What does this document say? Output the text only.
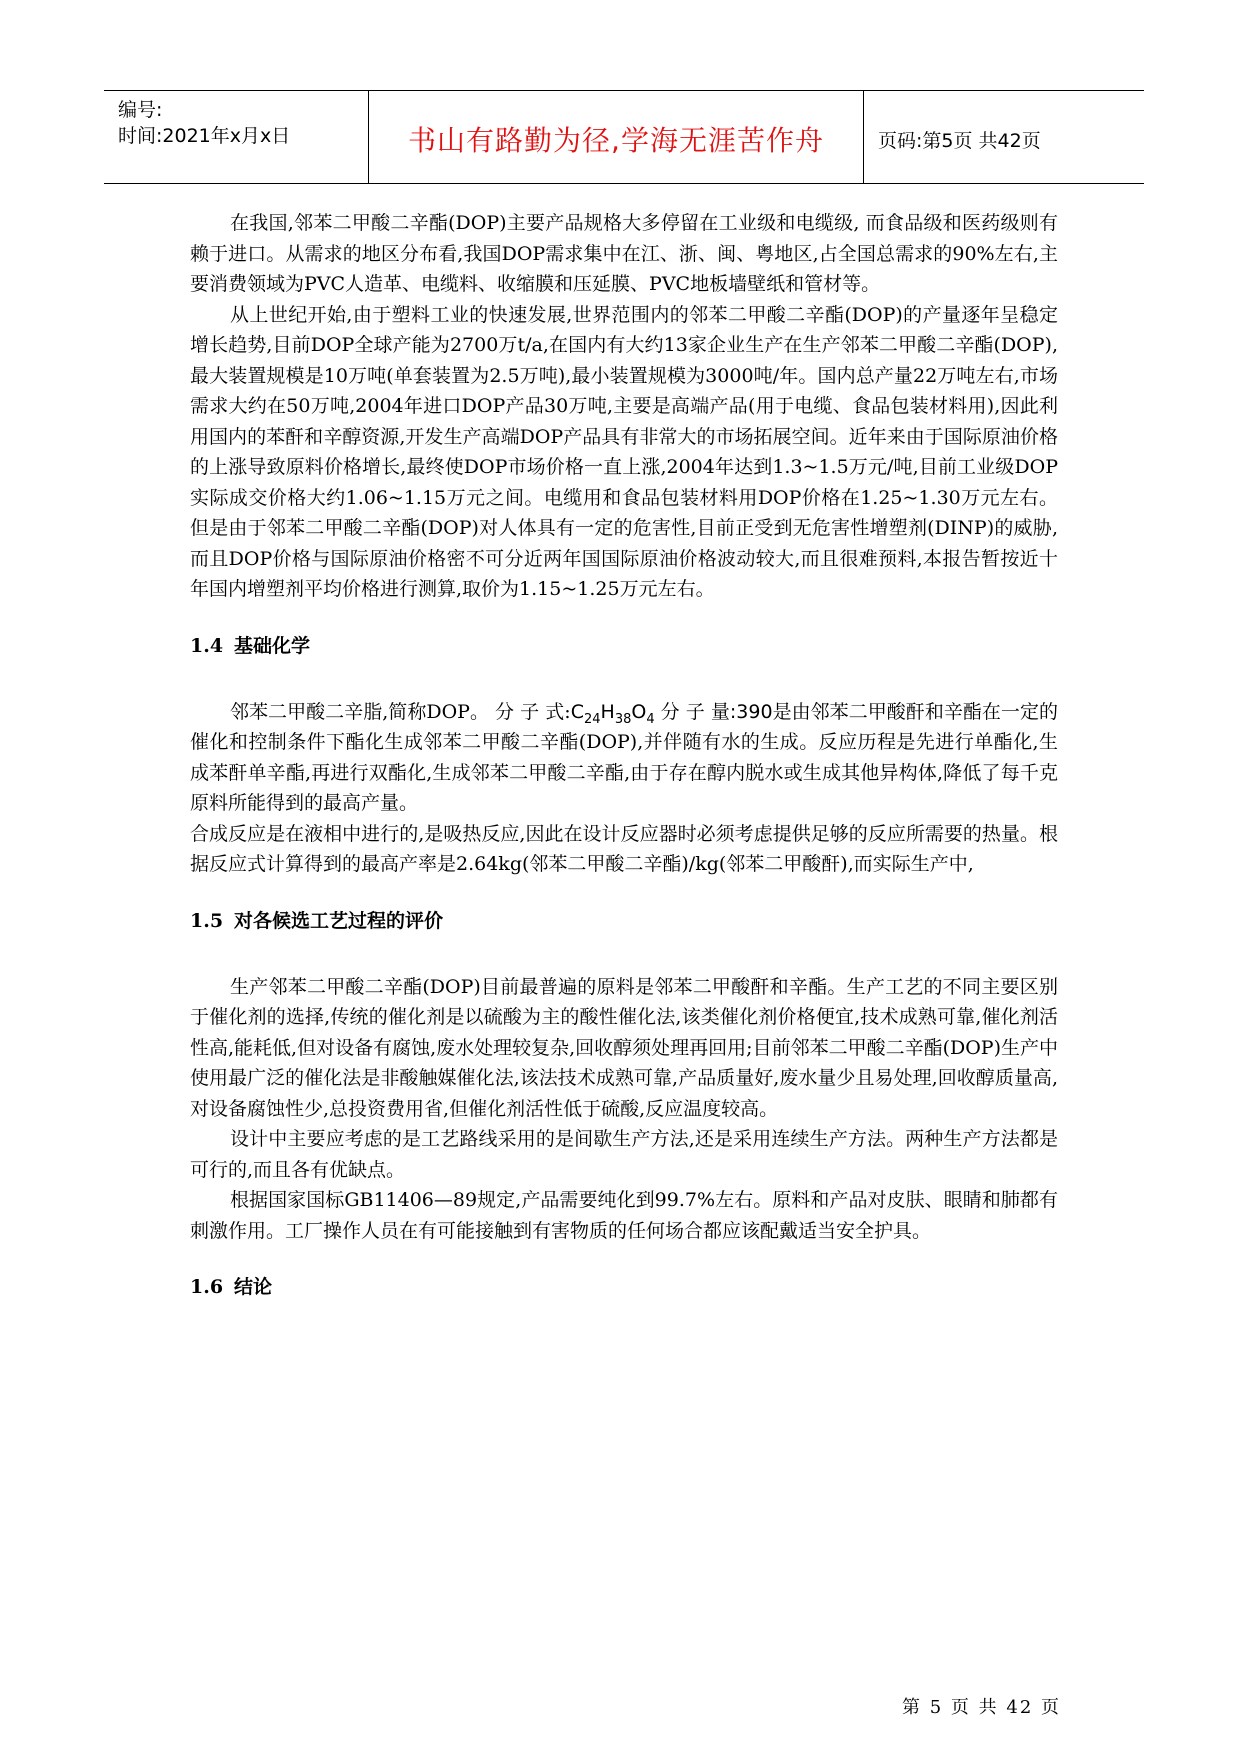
编号:
时间:2021年x月x日	书山有路勤为径,学海无涯苦作舟	页码:第5页 共42页

在我国,邻苯二甲酸二辛酯(DOP)主要产品规格大多停留在工业级和电缆级, 而食品级和医药级则有赖于进口。从需求的地区分布看,我国DOP需求集中在江、浙、闽、粤地区,占全国总需求的90%左右,主要消费领域为PVC人造革、电缆料、收缩膜和压延膜、PVC地板墙壁纸和管材等。

从上世纪开始,由于塑料工业的快速发展,世界范围内的邻苯二甲酸二辛酯(DOP)的产量逐年呈稳定增长趋势,目前DOP全球产能为2700万t/a,在国内有大约13家企业生产在生产邻苯二甲酸二辛酯(DOP),最大装置规模是10万吨(单套装置为2.5万吨),最小装置规模为3000吨/年。国内总产量22万吨左右,市场需求大约在50万吨,2004年进口DOP产品30万吨,主要是高端产品(用于电缆、食品包装材料用),因此利用国内的苯酐和辛醇资源,开发生产高端DOP产品具有非常大的市场拓展空间。近年来由于国际原油价格的上涨导致原料价格增长,最终使DOP市场价格一直上涨,2004年达到1.3~1.5万元/吨,目前工业级DOP实际成交价格大约1.06~1.15万元之间。电缆用和食品包装材料用DOP价格在1.25~1.30万元左右。但是由于邻苯二甲酸二辛酯(DOP)对人体具有一定的危害性,目前正受到无危害性增塑剂(DINP)的威胁,而且DOP价格与国际原油价格密不可分近两年国国际原油价格波动较大,而且很难预料,本报告暂按近十年国内增塑剂平均价格进行测算,取价为1.15~1.25万元左右。

1.4 基础化学

邻苯二甲酸二辛脂,简称DOP。 分 子 式$:C_{24}H_{38}O_4$ 分 子 量:390是由邻苯二甲酸酐和辛酯在一定的催化和控制条件下酯化生成邻苯二甲酸二辛酯(DOP),并伴随有水的生成。反应历程是先进行单酯化,生成苯酐单辛酯,再进行双酯化,生成邻苯二甲酸二辛酯,由于存在醇内脱水或生成其他异构体,降低了每千克原料所能得到的最高产量。

合成反应是在液相中进行的,是吸热反应,因此在设计反应器时必须考虑提供足够的反应所需要的热量。根据反应式计算得到的最高产率是2.64kg(邻苯二甲酸二辛酯)/kg(邻苯二甲酸酐),而实际生产中,

1.5 对各候选工艺过程的评价

生产邻苯二甲酸二辛酯(DOP)目前最普遍的原料是邻苯二甲酸酐和辛酯。生产工艺的不同主要区别于催化剂的选择,传统的催化剂是以硫酸为主的酸性催化法,该类催化剂价格便宜,技术成熟可靠,催化剂活性高,能耗低,但对设备有腐蚀,废水处理较复杂,回收醇须处理再回用;目前邻苯二甲酸二辛酯(DOP)生产中使用最广泛的催化法是非酸触媒催化法,该法技术成熟可靠,产品质量好,废水量少且易处理,回收醇质量高,对设备腐蚀性少,总投资费用省,但催化剂活性低于硫酸,反应温度较高。

设计中主要应考虑的是工艺路线采用的是间歇生产方法,还是采用连续生产方法。两种生产方法都是可行的,而且各有优缺点。

根据国家国标GB11406—89规定,产品需要纯化到99.7%左右。原料和产品对皮肤、眼睛和肺都有刺激作用。工厂操作人员在有可能接触到有害物质的任何场合都应该配戴适当安全护具。

1.6 结论

第 5 页 共 42 页
